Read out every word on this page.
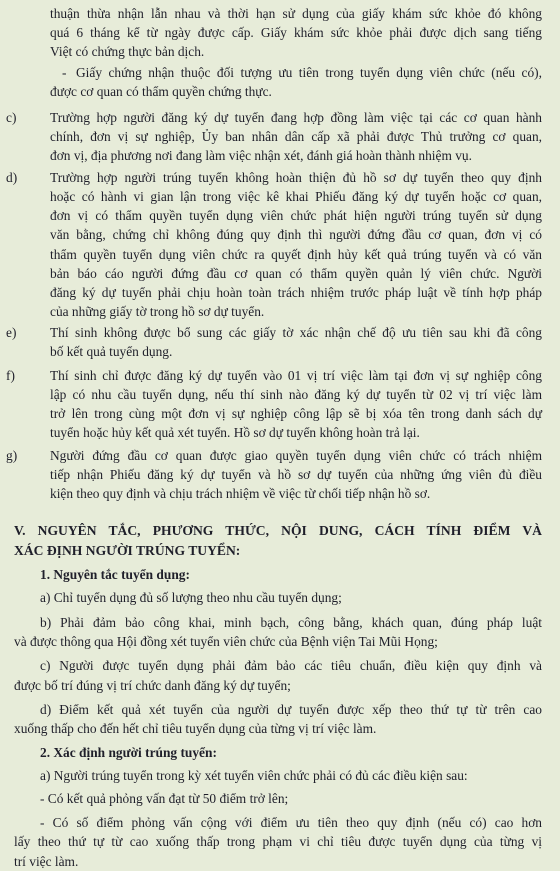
thuận thừa nhận lẫn nhau và thời hạn sử dụng của giấy khám sức khỏe đó không

quá 6 tháng kể từ ngày được cấp. Giấy khám sức khỏe phải được dịch sang tiếng

Việt có chứng thực bản dịch.

- Giấy chứng nhận thuộc đối tượng ưu tiên trong tuyển dụng viên chức (nếu có),

được cơ quan có thẩm quyền chứng thực.

c)	Trường hợp người đăng ký dự tuyển đang hợp đồng làm việc tại các cơ quan hành

chính, đơn vị sự nghiệp, Ủy ban nhân dân cấp xã phải được Thủ trưởng cơ quan,

đơn vị, địa phương nơi đang làm việc nhận xét, đánh giá hoàn thành nhiệm vụ.

d) Trường hợp người trúng tuyển không hoàn thiện đủ hồ sơ dự tuyển theo quy định

hoặc có hành vi gian lận trong việc kê khai Phiếu đăng ký dự tuyển hoặc cơ quan,

đơn vị có thẩm quyền tuyển dụng viên chức phát hiện người trúng tuyển sử dụng

văn bằng, chứng chỉ không đúng quy định thì người đứng đầu cơ quan, đơn vị có

thẩm quyền tuyển dụng viên chức ra quyết định hủy kết quả trúng tuyển và có văn

bản báo cáo người đứng đầu cơ quan có thẩm quyền quản lý viên chức. Người

đăng ký dự tuyển phải chịu hoàn toàn trách nhiệm trước pháp luật về tính hợp pháp

của những giấy tờ trong hồ sơ dự tuyển.

e)	Thí sinh không được bổ sung các giấy tờ xác nhận chế độ ưu tiên sau khi đã công

bố kết quả tuyển dụng.

f)	Thí sinh chỉ được đăng ký dự tuyển vào 01 vị trí việc làm tại đơn vị sự nghiệp công

lập có nhu cầu tuyển dụng, nếu thí sinh nào đăng ký dự tuyển từ 02 vị trí việc làm

trở lên trong cùng một đơn vị sự nghiệp công lập sẽ bị xóa tên trong danh sách dự

tuyển hoặc hủy kết quả xét tuyển. Hồ sơ dự tuyển không hoàn trả lại.

g) Người đứng đầu cơ quan được giao quyền tuyển dụng viên chức có trách nhiệm

tiếp nhận Phiếu đăng ký dự tuyển và hồ sơ dự tuyển của những ứng viên đủ điều

kiện theo quy định và chịu trách nhiệm về việc từ chối tiếp nhận hồ sơ.

V. NGUYÊN TẮC, PHƯƠNG THỨC, NỘI DUNG, CÁCH TÍNH ĐIỂM VÀ

XÁC ĐỊNH NGƯỜI TRÚNG TUYỂN:

1. Nguyên tắc tuyển dụng:

a) Chỉ tuyển dụng đủ số lượng theo nhu cầu tuyển dụng;

b) Phải đảm bảo công khai, minh bạch, công bằng, khách quan, đúng pháp luật

và được thông qua Hội đồng xét tuyển viên chức của Bệnh viện Tai Mũi Họng;

c) Người được tuyển dụng phải đảm bảo các tiêu chuẩn, điều kiện quy định và

được bố trí đúng vị trí chức danh đăng ký dự tuyển;

d) Điểm kết quả xét tuyển của người dự tuyển được xếp theo thứ tự từ trên cao

xuống thấp cho đến hết chỉ tiêu tuyển dụng của từng vị trí việc làm.

2. Xác định người trúng tuyển:

a) Người trúng tuyển trong kỳ xét tuyển viên chức phải có đủ các điều kiện sau:

- Có kết quả phỏng vấn đạt từ 50 điểm trở lên;

- Có số điểm phỏng vấn cộng với điểm ưu tiên theo quy định (nếu có) cao hơn

lấy theo thứ tự từ cao xuống thấp trong phạm vi chỉ tiêu được tuyển dụng của từng vị

trí việc làm.
